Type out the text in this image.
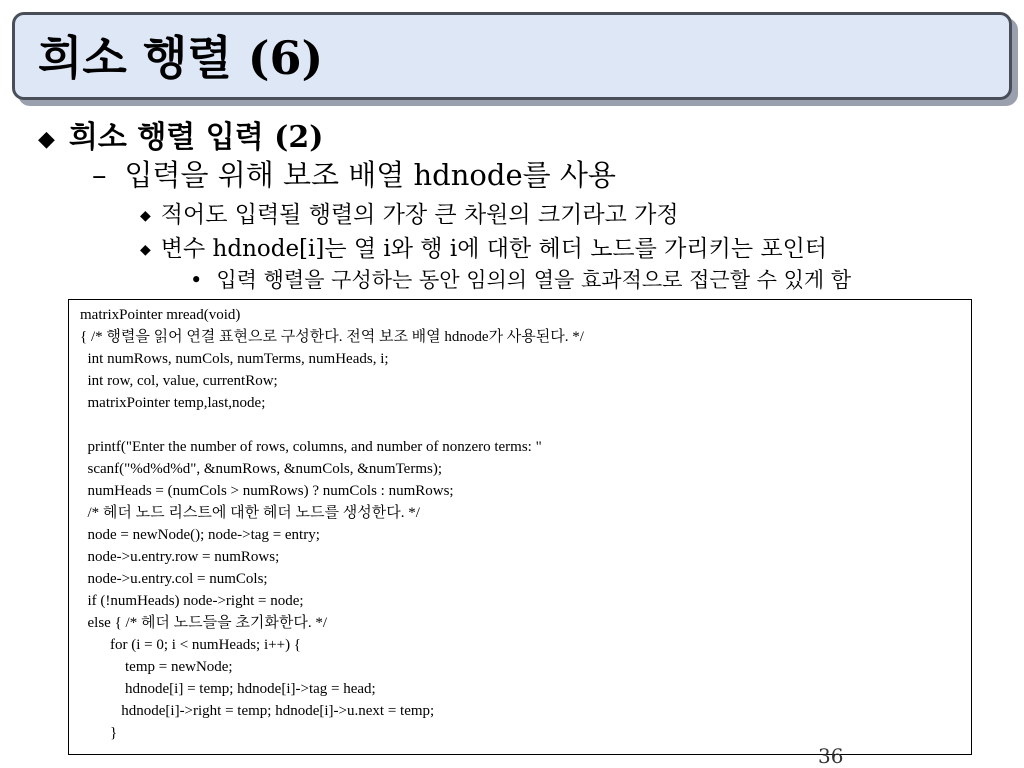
희소 행렬 (6)
◆ 희소 행렬 입력 (2)
– 입력을 위해 보조 배열 hdnode를 사용
◆ 적어도 입력될 행렬의 가장 큰 차원의 크기라고 가정
◆ 변수 hdnode[i]는 열 i와 행 i에 대한 헤더 노드를 가리키는 포인터
• 입력 행렬을 구성하는 동안 임의의 열을 효과적으로 접근할 수 있게 함
matrixPointer mread(void)
{ /* 행렬을 읽어 연결 표현으로 구성한다. 전역 보조 배열 hdnode가 사용된다. */
int numRows, numCols, numTerms, numHeads, i;
int row, col, value, currentRow;
matrixPointer temp,last,node;
printf("Enter the number of rows, columns, and number of nonzero terms: "
scanf("%d%d%d", &numRows, &numCols, &numTerms);
numHeads = (numCols > numRows) ? numCols : numRows;
/* 헤더 노드 리스트에 대한 헤더 노드를 생성한다. */
node = newNode(); node->tag = entry;
node->u.entry.row = numRows;
node->u.entry.col = numCols;
if (!numHeads) node->right = node;
else { /* 헤더 노드들을 초기화한다. */
for (i = 0; i < numHeads; i++) {
temp = newNode;
hdnode[i] = temp; hdnode[i]->tag = head;
hdnode[i]->right = temp; hdnode[i]->u.next = temp;
}
36
